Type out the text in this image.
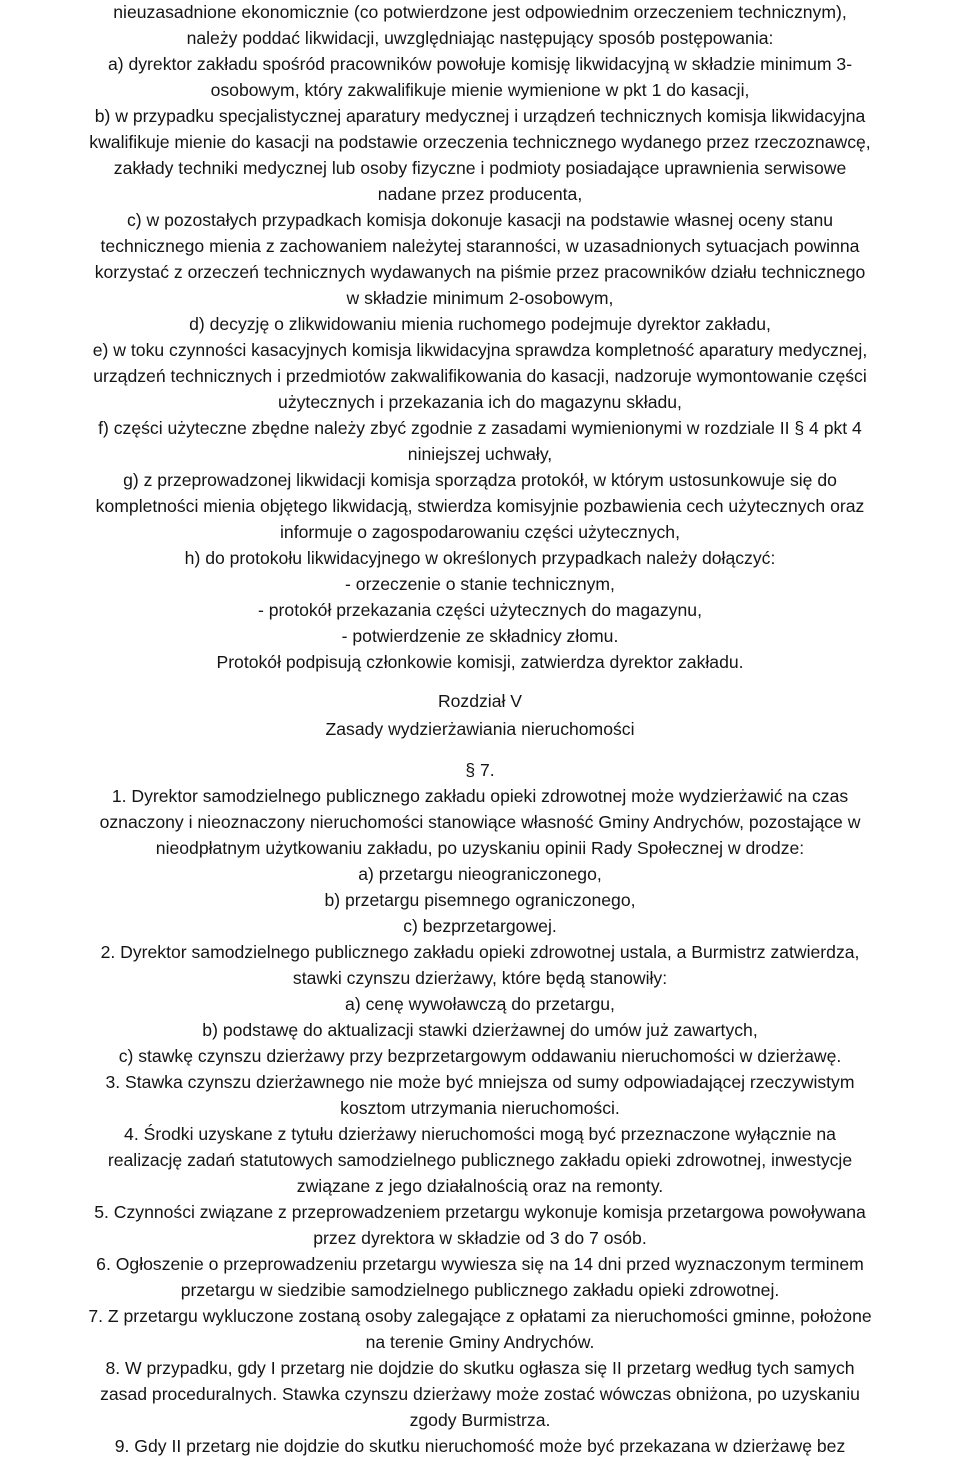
nieuzasadnione ekonomicznie (co potwierdzone jest odpowiednim orzeczeniem technicznym),
należy poddać likwidacji, uwzględniając następujący sposób postępowania:
a) dyrektor zakładu spośród pracowników powołuje komisję likwidacyjną w składzie minimum 3-
osobowym, który zakwalifikuje mienie wymienione w pkt 1 do kasacji,
b) w przypadku specjalistycznej aparatury medycznej i urządzeń technicznych komisja likwidacyjna
kwalifikuje mienie do kasacji na podstawie orzeczenia technicznego wydanego przez rzeczoznawcę,
zakłady techniki medycznej lub osoby fizyczne i podmioty posiadające uprawnienia serwisowe
nadane przez producenta,
c) w pozostałych przypadkach komisja dokonuje kasacji na podstawie własnej oceny stanu
technicznego mienia z zachowaniem należytej staranności, w uzasadnionych sytuacjach powinna
korzystać z orzeczeń technicznych wydawanych na piśmie przez pracowników działu technicznego
w składzie minimum 2-osobowym,
d) decyzję o zlikwidowaniu mienia ruchomego podejmuje dyrektor zakładu,
e) w toku czynności kasacyjnych komisja likwidacyjna sprawdza kompletność aparatury medycznej,
urządzeń technicznych i przedmiotów zakwalifikowania do kasacji, nadzoruje wymontowanie części
użytecznych i przekazania ich do magazynu składu,
f) części użyteczne zbędne należy zbyć zgodnie z zasadami wymienionymi w rozdziale II § 4 pkt 4
niniejszej uchwały,
g) z przeprowadzonej likwidacji komisja sporządza protokół, w którym ustosunkowuje się do
kompletności mienia objętego likwidacją, stwierdza komisyjnie pozbawienia cech użytecznych oraz
informuje o zagospodarowaniu części użytecznych,
h) do protokołu likwidacyjnego w określonych przypadkach należy dołączyć:
- orzeczenie o stanie technicznym,
- protokół przekazania części użytecznych do magazynu,
- potwierdzenie ze składnicy złomu.
Protokół podpisują członkowie komisji, zatwierdza dyrektor zakładu.
Rozdział V
Zasady wydzierżawiania nieruchomości
§ 7.
1. Dyrektor samodzielnego publicznego zakładu opieki zdrowotnej może wydzierżawić na czas
oznaczony i nieoznaczony nieruchomości stanowiące własność Gminy Andrychów, pozostające w
nieodpłatnym użytkowaniu zakładu, po uzyskaniu opinii Rady Społecznej w drodze:
a) przetargu nieograniczonego,
b) przetargu pisemnego ograniczonego,
c) bezprzetargowej.
2. Dyrektor samodzielnego publicznego zakładu opieki zdrowotnej ustala, a Burmistrz zatwierdza,
stawki czynszu dzierżawy, które będą stanowiły:
a) cenę wywoławczą do przetargu,
b) podstawę do aktualizacji stawki dzierżawnej do umów już zawartych,
c) stawkę czynszu dzierżawy przy bezprzetargowym oddawaniu nieruchomości w dzierżawę.
3. Stawka czynszu dzierżawnego nie może być mniejsza od sumy odpowiadającej rzeczywistym
kosztom utrzymania nieruchomości.
4. Środki uzyskane z tytułu dzierżawy nieruchomości mogą być przeznaczone wyłącznie na
realizację zadań statutowych samodzielnego publicznego zakładu opieki zdrowotnej, inwestycje
związane z jego działalnością oraz na remonty.
5. Czynności związane z przeprowadzeniem przetargu wykonuje komisja przetargowa powoływana
przez dyrektora w składzie od 3 do 7 osób.
6. Ogłoszenie o przeprowadzeniu przetargu wywiesza się na 14 dni przed wyznaczonym terminem
przetargu w siedzibie samodzielnego publicznego zakładu opieki zdrowotnej.
7. Z przetargu wykluczone zostaną osoby zalegające z opłatami za nieruchomości gminne, położone
na terenie Gminy Andrychów.
8. W przypadku, gdy I przetarg nie dojdzie do skutku ogłasza się II przetarg według tych samych
zasad proceduralnych. Stawka czynszu dzierżawy może zostać wówczas obniżona, po uzyskaniu
zgody Burmistrza.
9. Gdy II przetarg nie dojdzie do skutku nieruchomość może być przekazana w dzierżawę bez
